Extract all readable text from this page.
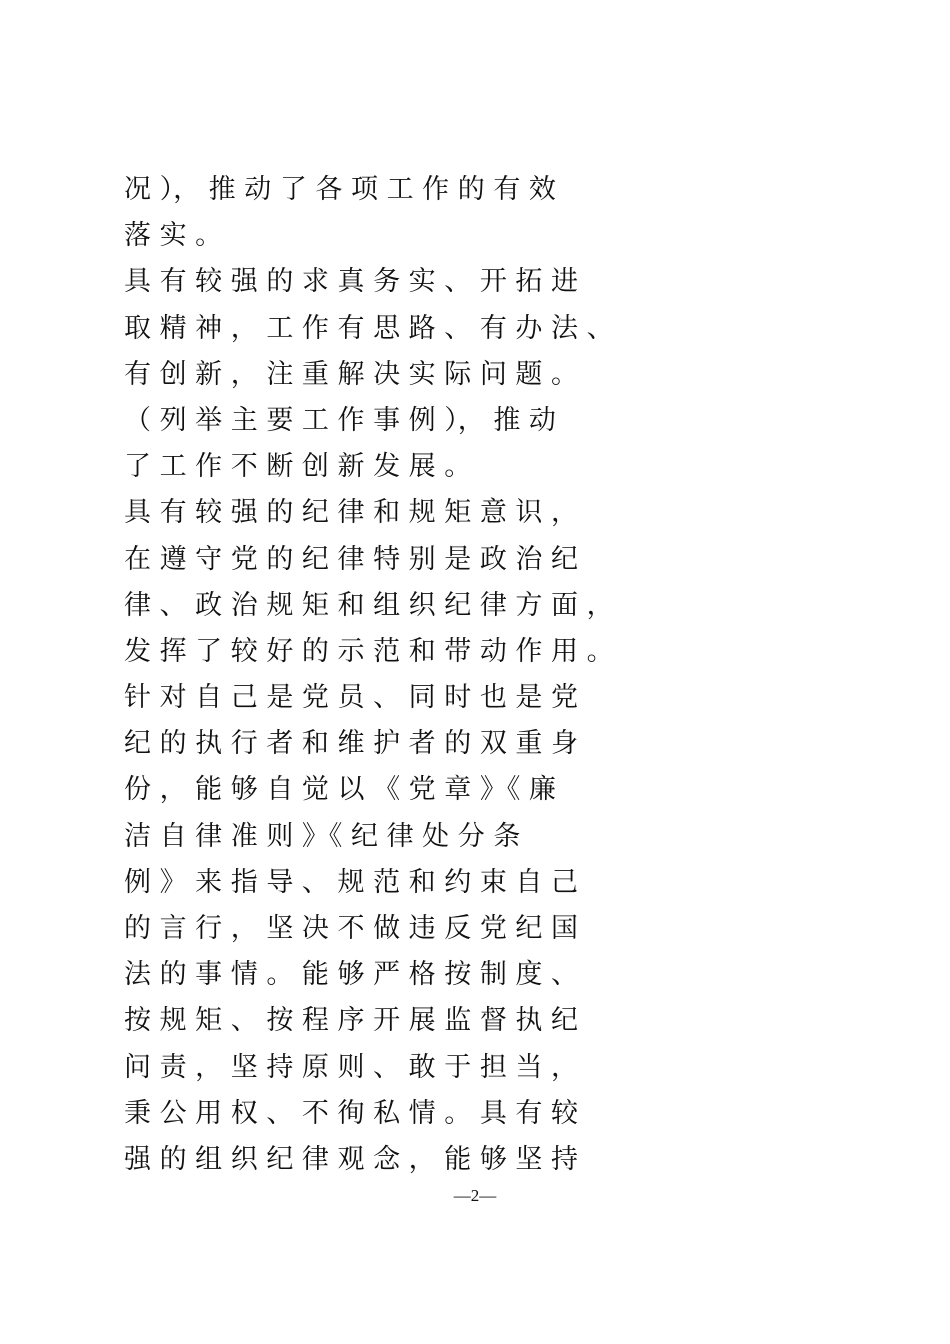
况 ）， 推 动 了 各 项 工 作 的 有 效
落 实 。
具 有 较 强 的 求 真 务 实 、 开 拓 进
取 精 神 ， 工 作 有 思 路 、 有 办 法 、
有 创 新 ， 注 重 解 决 实 际 问 题 。
（ 列 举 主 要 工 作 事 例 ）， 推 动
了 工 作 不 断 创 新 发 展 。
具 有 较 强 的 纪 律 和 规 矩 意 识 ，
在 遵 守 党 的 纪 律 特 别 是 政 治 纪
律 、 政 治 规 矩 和 组 织 纪 律 方 面 ，
发 挥 了 较 好 的 示 范 和 带 动 作 用 。
针 对 自 己 是 党 员 、 同 时 也 是 党
纪 的 执 行 者 和 维 护 者 的 双 重 身
份 ， 能 够 自 觉 以 《 党 章 》《 廉
洁 自 律 准 则 》《 纪 律 处 分 条
例 》 来 指 导 、 规 范 和 约 束 自 己
的 言 行 ， 坚 决 不 做 违 反 党 纪 国
法 的 事 情 。 能 够 严 格 按 制 度 、
按 规 矩 、 按 程 序 开 展 监 督 执 纪
问 责 ， 坚 持 原 则 、 敢 于 担 当 ，
秉 公 用 权 、 不 徇 私 情 。 具 有 较
强 的 组 织 纪 律 观 念 ， 能 够 坚 持
—2—
